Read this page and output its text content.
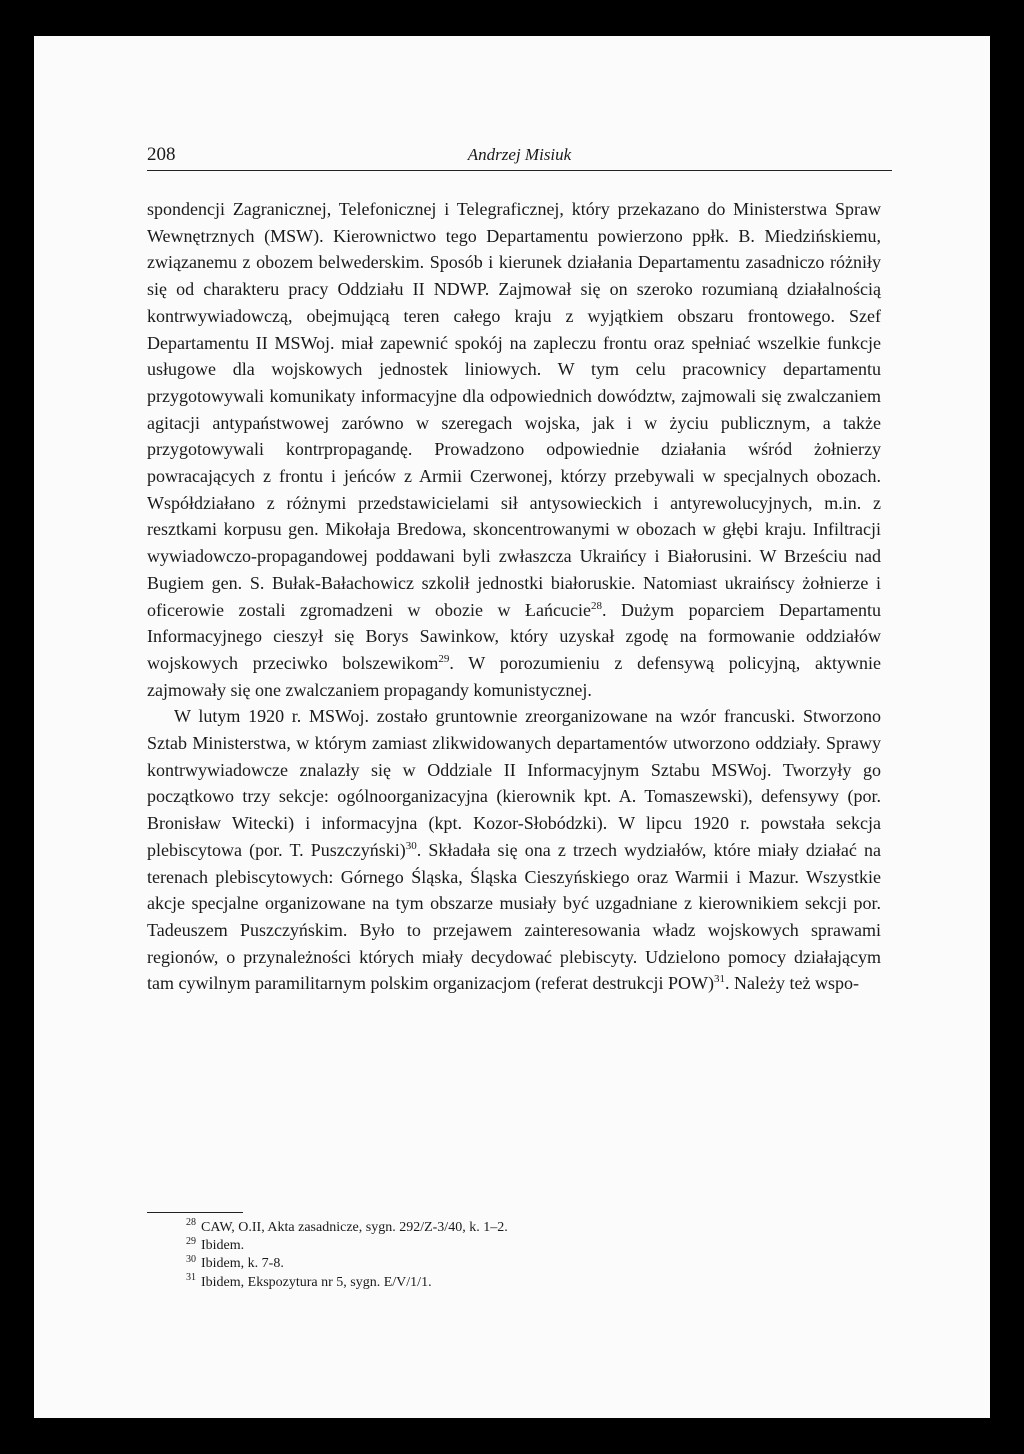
208	Andrzej Misiuk

spondencji Zagranicznej, Telefonicznej i Telegraficznej, który przekazano do Ministerstwa Spraw Wewnętrznych (MSW). Kierownictwo tego Departamentu powierzono ppłk. B. Miedzińskiemu, związanemu z obozem belwederskim. Sposób i kierunek działania Departamentu zasadniczo różniły się od charakteru pracy Oddziału II NDWP. Zajmował się on szeroko rozumianą działalnością kontrwywiadowczą, obejmującą teren całego kraju z wyjątkiem obszaru frontowego. Szef Departamentu II MSWoj. miał zapewnić spokój na zapleczu frontu oraz spełniać wszelkie funkcje usługowe dla wojskowych jednostek liniowych. W tym celu pracownicy departamentu przygotowywali komunikaty informacyjne dla odpowiednich dowództw, zajmowali się zwalczaniem agitacji antypaństwowej zarówno w szeregach wojska, jak i w życiu publicznym, a także przygotowywali kontrpropagandę. Prowadzono odpowiednie działania wśród żołnierzy powracających z frontu i jeńców z Armii Czerwonej, którzy przebywali w specjalnych obozach. Współdziałano z różnymi przedstawicielami sił antysowieckich i antyrewolucyjnych, m.in. z resztkami korpusu gen. Mikołaja Bredowa, skoncentrowanymi w obozach w głębi kraju. Infiltracji wywiadowczo-propagandowej poddawani byli zwłaszcza Ukraińcy i Białorusini. W Brześciu nad Bugiem gen. S. Bułak-Bałachowicz szkolił jednostki białoruskie. Natomiast ukraińscy żołnierze i oficerowie zostali zgromadzeni w obozie w Łańcucie$^{28}$. Dużym poparciem Departamentu Informacyjnego cieszył się Borys Sawinkow, który uzyskał zgodę na formowanie oddziałów wojskowych przeciwko bolszewikom$^{29}$. W porozumieniu z defensywą policyjną, aktywnie zajmowały się one zwalczaniem propagandy komunistycznej.

W lutym 1920 r. MSWoj. zostało gruntownie zreorganizowane na wzór francuski. Stworzono Sztab Ministerstwa, w którym zamiast zlikwidowanych departamentów utworzono oddziały. Sprawy kontrwywiadowcze znalazły się w Oddziale II Informacyjnym Sztabu MSWoj. Tworzyły go początkowo trzy sekcje: ogólnoorganizacyjna (kierownik kpt. A. Tomaszewski), defensywy (por. Bronisław Witecki) i informacyjna (kpt. Kozor-Słobódzki). W lipcu 1920 r. powstała sekcja plebiscytowa (por. T. Puszczyński)$^{30}$. Składała się ona z trzech wydziałów, które miały działać na terenach plebiscytowych: Górnego Śląska, Śląska Cieszyńskiego oraz Warmii i Mazur. Wszystkie akcje specjalne organizowane na tym obszarze musiały być uzgadniane z kierownikiem sekcji por. Tadeuszem Puszczyńskim. Było to przejawem zainteresowania władz wojskowych sprawami regionów, o przynależności których miały decydować plebiscyty. Udzielono pomocy działającym tam cywilnym paramilitarnym polskim organizacjom (referat destrukcji POW)$^{31}$. Należy też wspo-

$^{28}$ CAW, O.II, Akta zasadnicze, sygn. 292/Z-3/40, k. 1–2.
$^{29}$ Ibidem.
$^{30}$ Ibidem, k. 7-8.
$^{31}$ Ibidem, Ekspozytura nr 5, sygn. E/V/1/1.
